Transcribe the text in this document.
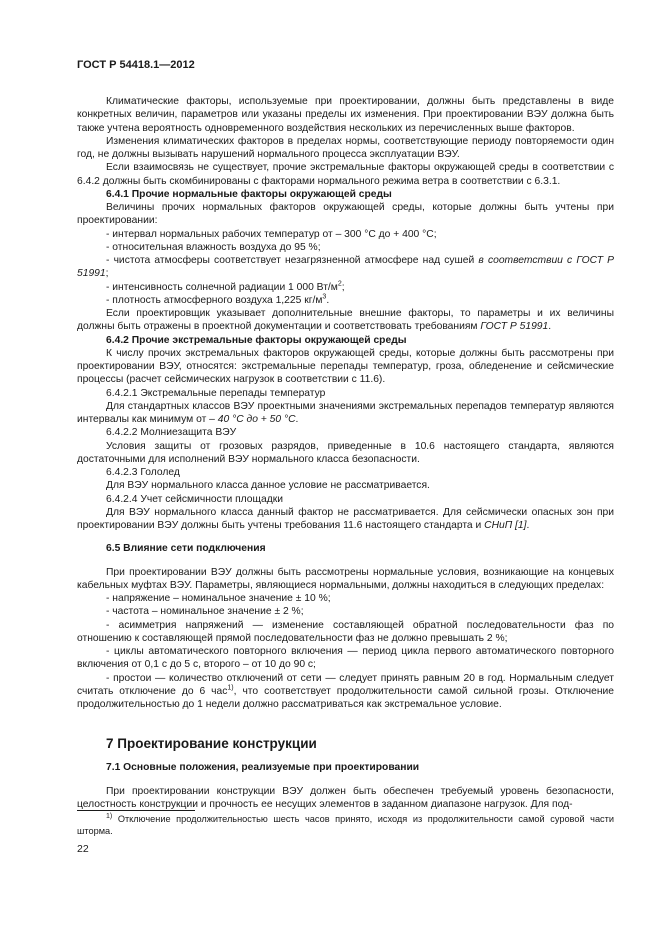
ГОСТ Р 54418.1—2012

Климатические факторы, используемые при проектировании, должны быть представлены в виде конкретных величин, параметров или указаны пределы их изменения. При проектировании ВЭУ должна быть также учтена вероятность одновременного воздействия нескольких из перечисленных выше факторов.

Изменения климатических факторов в пределах нормы, соответствующие периоду повторяемости один год, не должны вызывать нарушений нормального процесса эксплуатации ВЭУ.

Если взаимосвязь не существует, прочие экстремальные факторы окружающей среды в соответствии с 6.4.2 должны быть скомбинированы с факторами нормального режима ветра в соответствии с 6.3.1.

6.4.1 Прочие нормальные факторы окружающей среды

Величины прочих нормальных факторов окружающей среды, которые должны быть учтены при проектировании:

- интервал нормальных рабочих температур от – 300 °С до + 400 °С;

- относительная влажность воздуха до 95 %;

- чистота атмосферы соответствует незагрязненной атмосфере над сушей в соответствии с ГОСТ Р 51991;

- интенсивность солнечной радиации 1 000 $Вт/м^2$;

- плотность атмосферного воздуха 1,225 $кг/м^3$.

Если проектировщик указывает дополнительные внешние факторы, то параметры и их величины должны быть отражены в проектной документации и соответствовать требованиям ГОСТ Р 51991.

6.4.2 Прочие экстремальные факторы окружающей среды

К числу прочих экстремальных факторов окружающей среды, которые должны быть рассмотрены при проектировании ВЭУ, относятся: экстремальные перепады температур, гроза, обледенение и сейсмические процессы (расчет сейсмических нагрузок в соответствии с 11.6).

6.4.2.1 Экстремальные перепады температур

Для стандартных классов ВЭУ проектными значениями экстремальных перепадов температур являются интервалы как минимум от – 40 °С до + 50 °С.

6.4.2.2 Молниезащита ВЭУ

Условия защиты от грозовых разрядов, приведенные в 10.6 настоящего стандарта, являются достаточными для исполнений ВЭУ нормального класса безопасности.

6.4.2.3 Гололед

Для ВЭУ нормального класса данное условие не рассматривается.

6.4.2.4 Учет сейсмичности площадки

Для ВЭУ нормального класса данный фактор не рассматривается. Для сейсмически опасных зон при проектировании ВЭУ должны быть учтены требования 11.6 настоящего стандарта и СНиП [1].

6.5 Влияние сети подключения

При проектировании ВЭУ должны быть рассмотрены нормальные условия, возникающие на концевых кабельных муфтах ВЭУ. Параметры, являющиеся нормальными, должны находиться в следующих пределах:

- напряжение – номинальное значение ± 10 %;

- частота – номинальное значение ± 2 %;

- асимметрия напряжений — изменение составляющей обратной последовательности фаз по отношению к составляющей прямой последовательности фаз не должно превышать 2 %;

- циклы автоматического повторного включения — период цикла первого автоматического повторного включения от 0,1 с до 5 с, второго – от 10 до 90 с;

- простои — количество отключений от сети — следует принять равным 20 в год. Нормальным следует считать отключение до 6 час$^{1)}$, что соответствует продолжительности самой сильной грозы. Отключение продолжительностью до 1 недели должно рассматриваться как экстремальное условие.

7 Проектирование конструкции

7.1 Основные положения, реализуемые при проектировании

При проектировании конструкции ВЭУ должен быть обеспечен требуемый уровень безопасности, целостность конструкции и прочность ее несущих элементов в заданном диапазоне нагрузок. Для под-

$^{1)}$ Отключение продолжительностью шесть часов принято, исходя из продолжительности самой суровой части шторма.

22
